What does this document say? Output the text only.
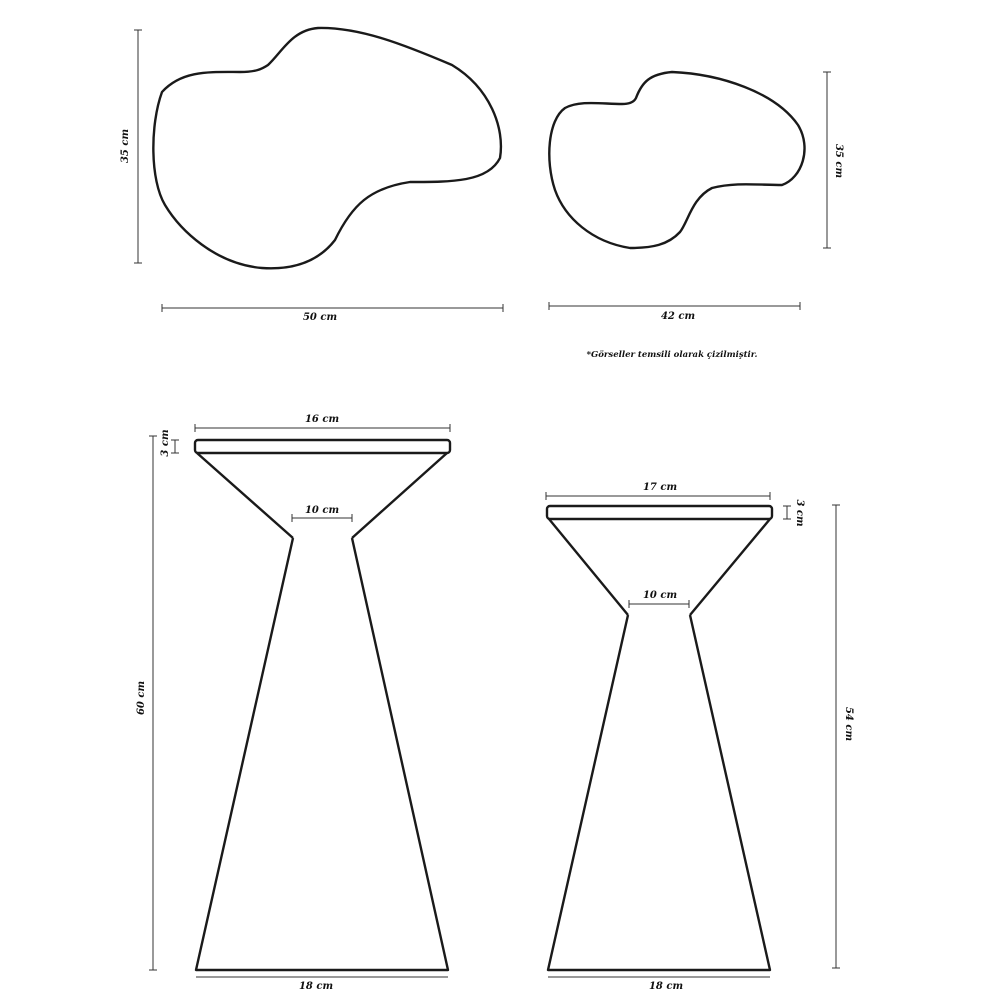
35 cm
50 cm
35 cm
42 cm
*Görseller temsili olarak çizilmiştir.
16 cm
3 cm
10 cm
60 cm
18 cm
17 cm
3 cm
10 cm
54 cm
18 cm
